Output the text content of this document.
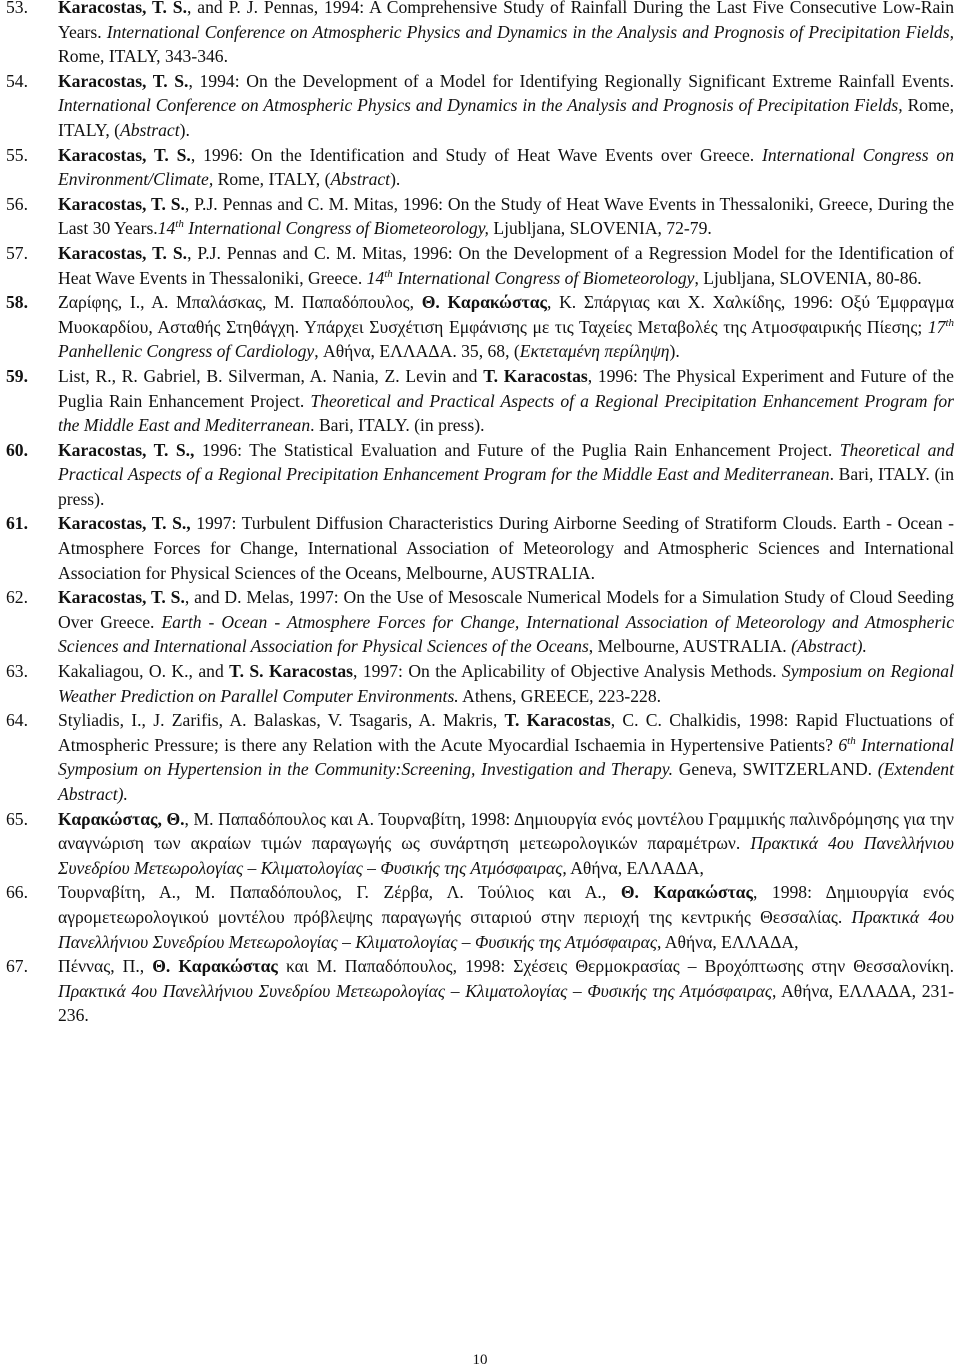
53. Karacostas, T. S., and P. J. Pennas, 1994: A Comprehensive Study of Rainfall During the Last Five Consecutive Low-Rain Years. International Conference on Atmospheric Physics and Dynamics in the Analysis and Prognosis of Precipitation Fields, Rome, ITALY, 343-346.
54. Karacostas, T. S., 1994: On the Development of a Model for Identifying Regionally Significant Extreme Rainfall Events. International Conference on Atmospheric Physics and Dynamics in the Analysis and Prognosis of Precipitation Fields, Rome, ITALY, (Abstract).
55. Karacostas, T. S., 1996: On the Identification and Study of Heat Wave Events over Greece. International Congress on Environment/Climate, Rome, ITALY, (Abstract).
56. Karacostas, T. S., P.J. Pennas and C. M. Mitas, 1996: On the Study of Heat Wave Events in Thessaloniki, Greece, During the Last 30 Years.14th International Congress of Biometeorology, Ljubljana, SLOVENIA, 72-79.
57. Karacostas, T. S., P.J. Pennas and C. M. Mitas, 1996: On the Development of a Regression Model for the Identification of Heat Wave Events in Thessaloniki, Greece. 14th International Congress of Biometeorology, Ljubljana, SLOVENIA, 80-86.
58. Ζαρίφης, Ι., Α. Μπαλάσκας, Μ. Παπαδόπουλος, Θ. Καρακώστας, Κ. Σπάργιας και Χ. Χαλκίδης, 1996: Οξύ Έμφραγμα Μυοκαρδίου, Ασταθής Στηθάγχη. Υπάρχει Συσχέτιση Εμφάνισης με τις Ταχείες Μεταβολές της Ατμοσφαιρικής Πίεσης; 17th Panhellenic Congress of Cardiology, Αθήνα, ΕΛΛΑΔΑ. 35, 68, (Εκτεταμένη περίληψη).
59. List, R., R. Gabriel, B. Silverman, A. Nania, Z. Levin and T. Karacostas, 1996: The Physical Experiment and Future of the Puglia Rain Enhancement Project. Theoretical and Practical Aspects of a Regional Precipitation Enhancement Program for the Middle East and Mediterranean. Bari, ITALY. (in press).
60. Karacostas, T. S., 1996: The Statistical Evaluation and Future of the Puglia Rain Enhancement Project. Theoretical and Practical Aspects of a Regional Precipitation Enhancement Program for the Middle East and Mediterranean. Bari, ITALY. (in press).
61. Karacostas, T. S., 1997: Turbulent Diffusion Characteristics During Airborne Seeding of Stratiform Clouds. Earth - Ocean - Atmosphere Forces for Change, International Association of Meteorology and Atmospheric Sciences and International Association for Physical Sciences of the Oceans, Melbourne, AUSTRALIA.
62. Karacostas, T. S., and D. Melas, 1997: On the Use of Mesoscale Numerical Models for a Simulation Study of Cloud Seeding Over Greece. Earth - Ocean - Atmosphere Forces for Change, International Association of Meteorology and Atmospheric Sciences and International Association for Physical Sciences of the Oceans, Melbourne, AUSTRALIA. (Abstract).
63. Kakaliagou, O. K., and T. S. Karacostas, 1997: On the Aplicability of Objective Analysis Methods. Symposium on Regional Weather Prediction on Parallel Computer Environments. Athens, GREECE, 223-228.
64. Styliadis, I., J. Zarifis, A. Balaskas, V. Tsagaris, A. Makris, T. Karacostas, C. C. Chalkidis, 1998: Rapid Fluctuations of Atmospheric Pressure; is there any Relation with the Acute Myocardial Ischaemia in Hypertensive Patients? 6th International Symposium on Hypertension in the Community:Screening, Investigation and Therapy. Geneva, SWITZERLAND. (Extendent Abstract).
65. Καρακώστας, Θ., Μ. Παπαδόπουλος και Α. Τουρναβίτη, 1998: Δημιουργία ενός μοντέλου Γραμμικής παλινδρόμησης για την αναγνώριση των ακραίων τιμών παραγωγής ως συνάρτηση μετεωρολογικών παραμέτρων. Πρακτικά 4ου Πανελλήνιου Συνεδρίου Μετεωρολογίας – Κλιματολογίας – Φυσικής της Ατμόσφαιρας, Αθήνα, ΕΛΛΑΔΑ,
66. Τουρναβίτη, Α., Μ. Παπαδόπουλος, Γ. Ζέρβα, Λ. Τούλιος και Α., Θ. Καρακώστας, 1998: Δημιουργία ενός αγρομετεωρολογικού μοντέλου πρόβλεψης παραγωγής σιταριού στην περιοχή της κεντρικής Θεσσαλίας. Πρακτικά 4ου Πανελλήνιου Συνεδρίου Μετεωρολογίας – Κλιματολογίας – Φυσικής της Ατμόσφαιρας, Αθήνα, ΕΛΛΑΔΑ,
67. Πέννας, Π., Θ. Καρακώστας και Μ. Παπαδόπουλος, 1998: Σχέσεις Θερμοκρασίας – Βροχόπτωσης στην Θεσσαλονίκη. Πρακτικά 4ου Πανελλήνιου Συνεδρίου Μετεωρολογίας – Κλιματολογίας – Φυσικής της Ατμόσφαιρας, Αθήνα, ΕΛΛΑΔΑ, 231-236.
10
